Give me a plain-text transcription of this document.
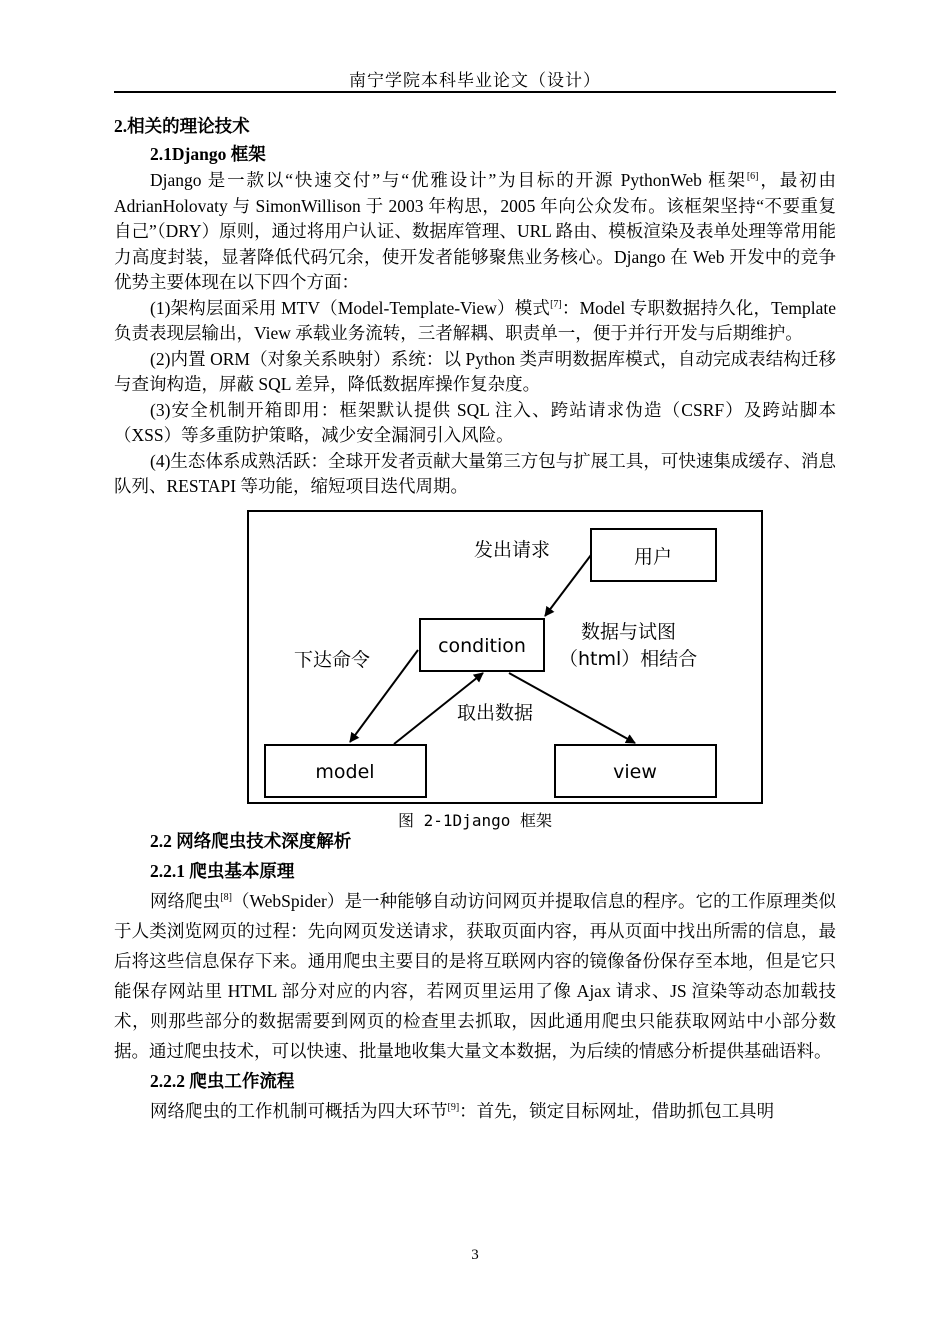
南宁学院本科毕业论文（设计）

2.相关的理论技术

2.1Django 框架

Django 是一款以“快速交付”与“优雅设计”为目标的开源 PythonWeb 框架[6]，最初由 AdrianHolovaty 与 SimonWillison 于 2003 年构思，2005 年向公众发布。该框架坚持“不要重复自己”（DRY）原则，通过将用户认证、数据库管理、URL 路由、模板渲染及表单处理等常用能力高度封装，显著降低代码冗余，使开发者能够聚焦业务核心。Django 在 Web 开发中的竞争优势主要体现在以下四个方面：

(1)架构层面采用 MTV（Model-Template-View）模式[7]：Model 专职数据持久化，Template 负责表现层输出，View 承载业务流转，三者解耦、职责单一，便于并行开发与后期维护。

(2)内置 ORM（对象关系映射）系统：以 Python 类声明数据库模式，自动完成表结构迁移与查询构造，屏蔽 SQL 差异，降低数据库操作复杂度。

(3)安全机制开箱即用：框架默认提供 SQL 注入、跨站请求伪造（CSRF）及跨站脚本（XSS）等多重防护策略，减少安全漏洞引入风险。

(4)生态体系成熟活跃：全球开发者贡献大量第三方包与扩展工具，可快速集成缓存、消息队列、RESTAPI 等功能，缩短项目迭代周期。

用户
condition
model	view
发出请求
数据与试图
（html）相结合
下达命令
取出数据
图 2-1Django 框架

2.2 网络爬虫技术深度解析

2.2.1 爬虫基本原理

网络爬虫[8]（WebSpider）是一种能够自动访问网页并提取信息的程序。它的工作原理类似于人类浏览网页的过程：先向网页发送请求，获取页面内容，再从页面中找出所需的信息，最后将这些信息保存下来。通用爬虫主要目的是将互联网内容的镜像备份保存至本地，但是它只能保存网站里 HTML 部分对应的内容，若网页里运用了像 Ajax 请求、JS 渲染等动态加载技术，则那些部分的数据需要到网页的检查里去抓取，因此通用爬虫只能获取网站中小部分数据。通过爬虫技术，可以快速、批量地收集大量文本数据，为后续的情感分析提供基础语料。

2.2.2 爬虫工作流程

网络爬虫的工作机制可概括为四大环节[9]：首先，锁定目标网址，借助抓包工具明

3
